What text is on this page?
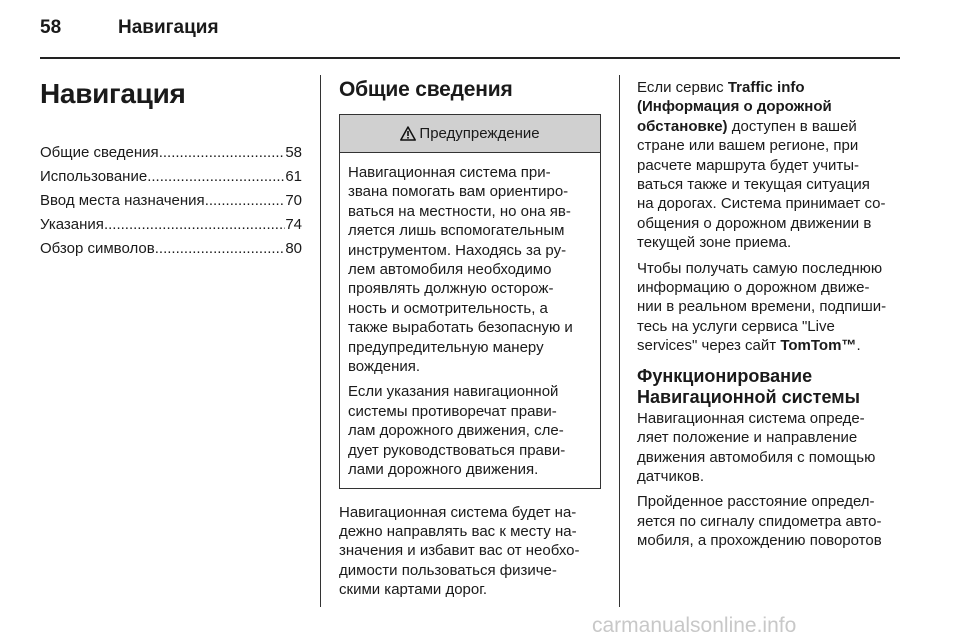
58	Навигация
Навигация
Общие сведения .....	58
Использование .....	61
Ввод места назначения .....	70
Указания .....	74
Обзор символов .....	80
Общие сведения
Предупреждение

Навигационная система при-
звана помогать вам ориентиро-
ваться на местности, но она яв-
ляется лишь вспомогательным
инструментом. Находясь за ру-
лем автомобиля необходимо
проявлять должную осторож-
ность и осмотрительность, а
также выработать безопасную и
предупредительную манеру
вождения.

Если указания навигационной
системы противоречат прави-
лам дорожного движения, сле-
дует руководствоваться прави-
лами дорожного движения.

Навигационная система будет на-
дежно направлять вас к месту на-
значения и избавит вас от необхо-
димости пользоваться физиче-
скими картами дорог.

Если сервис Traffic info
(Информация о дорожной
обстановке) доступен в вашей
стране или вашем регионе, при
расчете маршрута будет учиты-
ваться также и текущая ситуация
на дорогах. Система принимает со-
общения о дорожном движении в
текущей зоне приема.

Чтобы получать самую последнюю
информацию о дорожном движе-
нии в реальном времени, подпиши-
тесь на услуги сервиса "Live
services" через сайт TomTom™.

Функционирование
Навигационной системы

Навигационная система опреде-
ляет положение и направление
движения автомобиля с помощью
датчиков.

Пройденное расстояние определ-
яется по сигналу спидометра авто-
мобиля, а прохождению поворотов

carmanualsonline.info
